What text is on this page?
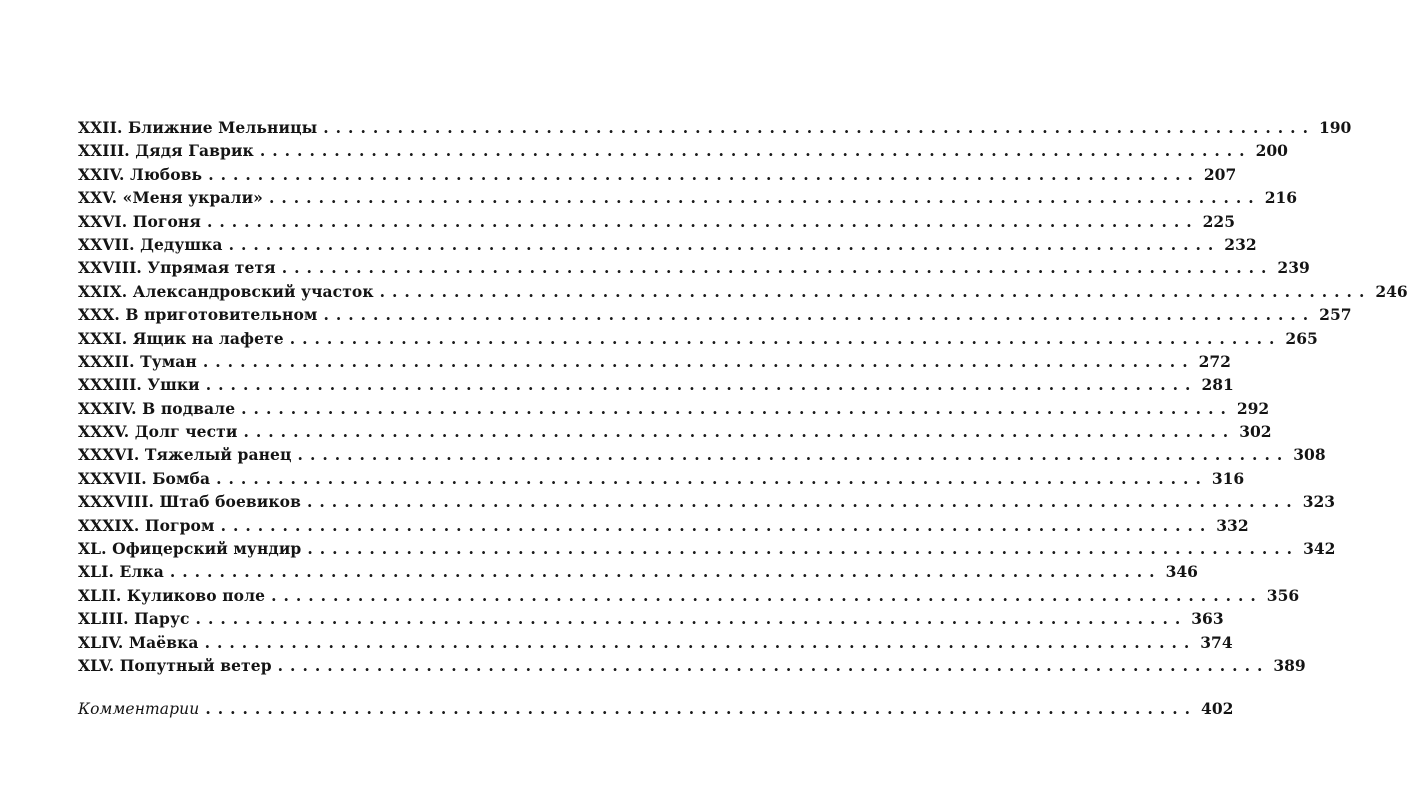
XXII. Ближние Мельницы ................................................................................ 190
XXIII. Дядя Гаврик ................................................................................ 200
XXIV. Любовь ................................................................................ 207
XXV. «Меня украли» ................................................................................ 216
XXVI. Погоня ................................................................................ 225
XXVII. Дедушка ................................................................................ 232
XXVIII. Упрямая тетя ................................................................................ 239
XXIX. Александровский участок ................................................................................ 246
XXX. В приготовительном ................................................................................ 257
XXXI. Ящик на лафете ................................................................................ 265
XXXII. Туман ................................................................................ 272
XXXIII. Ушки ................................................................................ 281
XXXIV. В подвале ................................................................................ 292
XXXV. Долг чести ................................................................................ 302
XXXVI. Тяжелый ранец ................................................................................ 308
XXXVII. Бомба ................................................................................ 316
XXXVIII. Штаб боевиков ................................................................................ 323
XXXIX. Погром ................................................................................ 332
XL. Офицерский мундир ................................................................................ 342
XLI. Елка ................................................................................ 346
XLII. Куликово поле ................................................................................ 356
XLIII. Парус ................................................................................ 363
XLIV. Маёвка ................................................................................ 374
XLV. Попутный ветер ................................................................................ 389
Комментарии ................................................................................ 402
